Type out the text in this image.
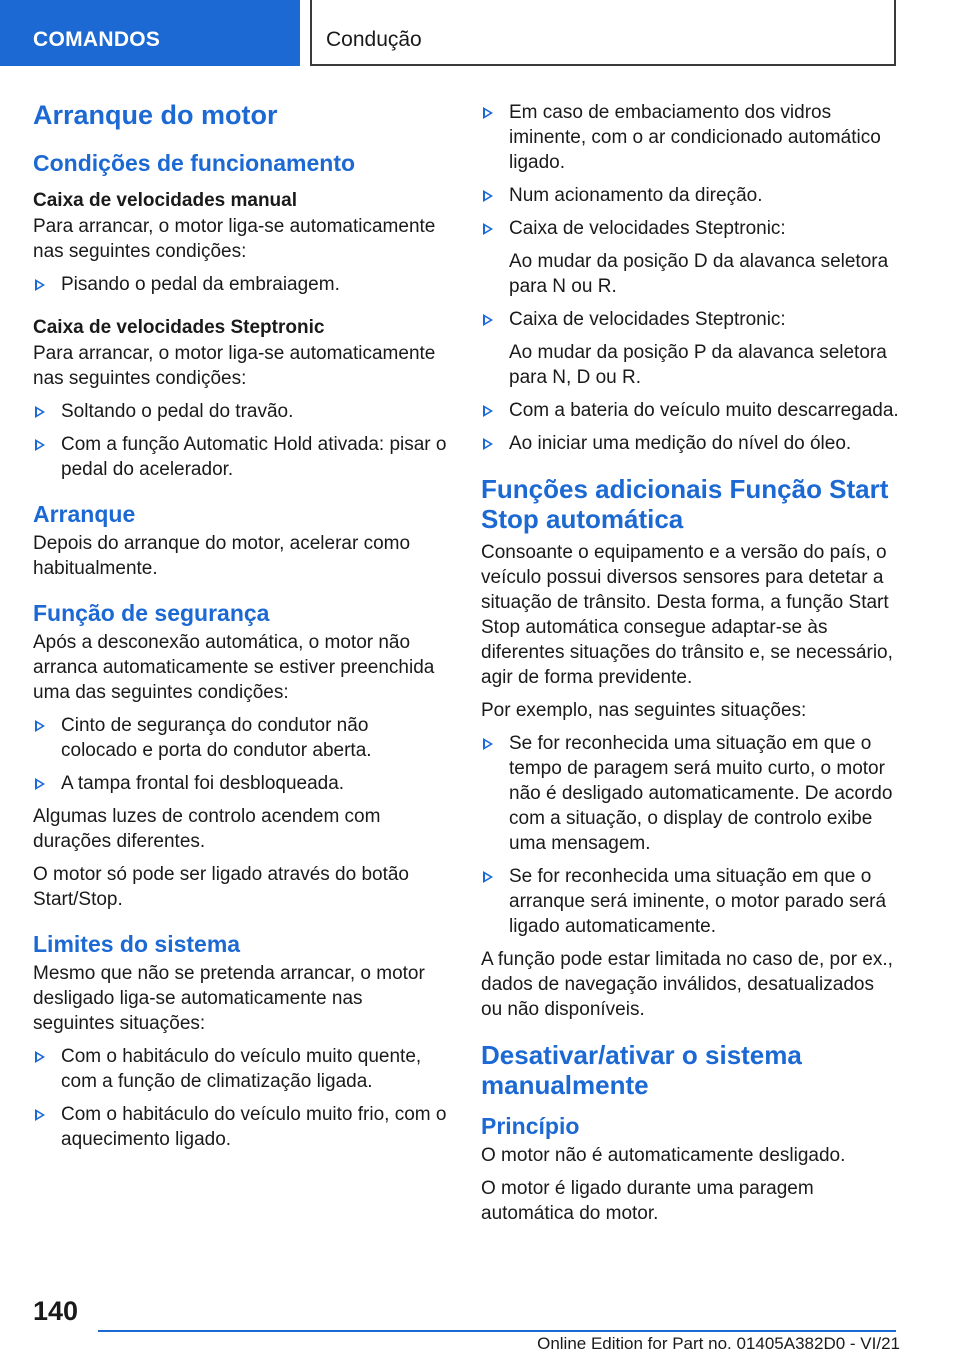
COMANDOS	Condução
Arranque do motor
Condições de funcionamento
Caixa de velocidades manual
Para arrancar, o motor liga-se automaticamente nas seguintes condições:
Pisando o pedal da embraiagem.
Caixa de velocidades Steptronic
Para arrancar, o motor liga-se automaticamente nas seguintes condições:
Soltando o pedal do travão.
Com a função Automatic Hold ativada: pisar o pedal do acelerador.
Arranque
Depois do arranque do motor, acelerar como habitualmente.
Função de segurança
Após a desconexão automática, o motor não arranca automaticamente se estiver preenchida uma das seguintes condições:
Cinto de segurança do condutor não colocado e porta do condutor aberta.
A tampa frontal foi desbloqueada.
Algumas luzes de controlo acendem com durações diferentes.
O motor só pode ser ligado através do botão Start/Stop.
Limites do sistema
Mesmo que não se pretenda arrancar, o motor desligado liga-se automaticamente nas seguintes situações:
Com o habitáculo do veículo muito quente, com a função de climatização ligada.
Com o habitáculo do veículo muito frio, com o aquecimento ligado.
Em caso de embaciamento dos vidros iminente, com o ar condicionado automático ligado.
Num acionamento da direção.
Caixa de velocidades Steptronic:
Ao mudar da posição D da alavanca seletora para N ou R.
Caixa de velocidades Steptronic:
Ao mudar da posição P da alavanca seletora para N, D ou R.
Com a bateria do veículo muito descarregada.
Ao iniciar uma medição do nível do óleo.
Funções adicionais Função Start Stop automática
Consoante o equipamento e a versão do país, o veículo possui diversos sensores para detetar a situação de trânsito. Desta forma, a função Start Stop automática consegue adaptar-se às diferentes situações do trânsito e, se necessário, agir de forma previdente.
Por exemplo, nas seguintes situações:
Se for reconhecida uma situação em que o tempo de paragem será muito curto, o motor não é desligado automaticamente. De acordo com a situação, o display de controlo exibe uma mensagem.
Se for reconhecida uma situação em que o arranque será iminente, o motor parado será ligado automaticamente.
A função pode estar limitada no caso de, por ex., dados de navegação inválidos, desatualizados ou não disponíveis.
Desativar/ativar o sistema manualmente
Princípio
O motor não é automaticamente desligado.
O motor é ligado durante uma paragem automática do motor.
140
Online Edition for Part no. 01405A382D0 - VI/21
